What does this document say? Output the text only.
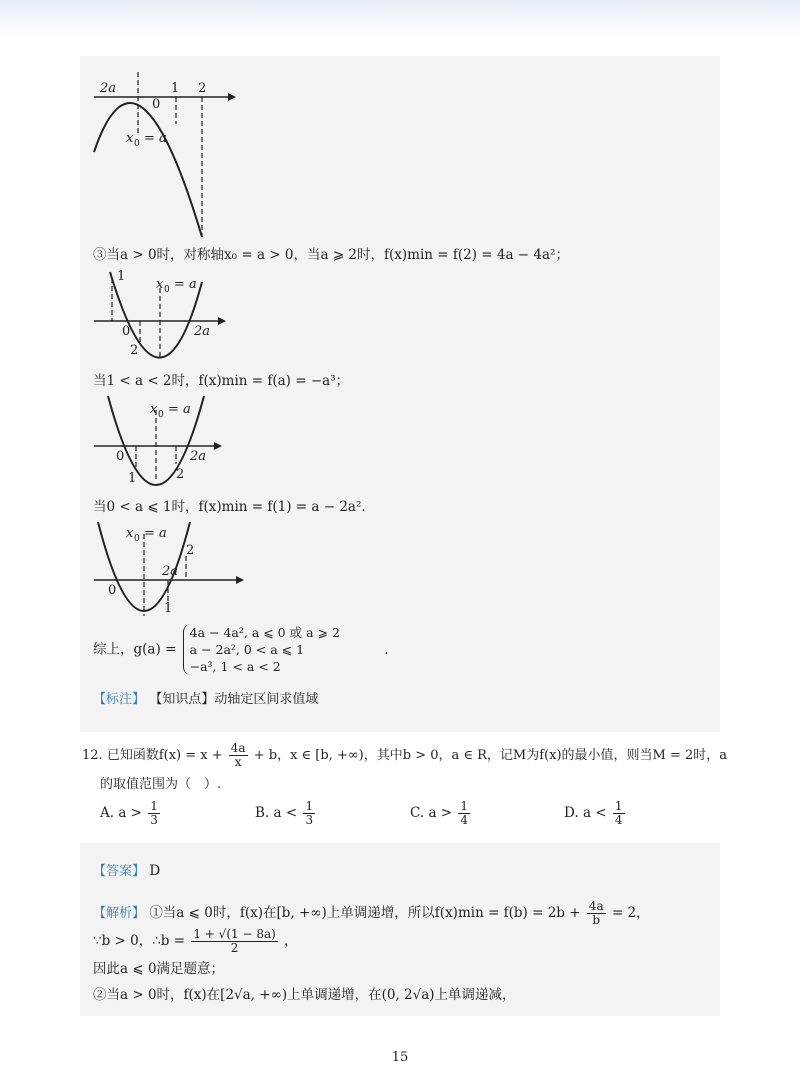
2a
0
1 2
x 0 = a
③当a > 0时，对称轴x₀ = a > 0，当a ⩾ 2时，f(x)min = f(2) = 4a − 4a²；
1
x 0 = a
0	2a
2
当1 < a < 2时，f(x)min = f(a) = −a³；
x 0 = a
0	2a
1	2
当0 < a ⩽ 1时，f(x)min = f(1) = a − 2a².
x 0 = a
2
2a
0
1
综上，g(a) =
4a − 4a², a ⩽ 0 或 a ⩾ 2
a − 2a², 0 < a ⩽ 1
−a³, 1 < a < 2
.
【标注】 【知识点】动轴定区间求值域
12. 已知函数$f(x) = x + \frac{4a}{x} + b$，x ∈ [b, +∞)，其中b > 0，a ∈ R，记M为f(x)的最小值，则当M = 2时，a
的取值范围为（　）.
A. $a > \frac{1}{3}$	B. $a < \frac{1}{3}$	C. $a > \frac{1}{4}$	D. $a < \frac{1}{4}$
【答案】 D
【解析】 ①当a ⩽ 0时，f(x)在[b, +∞)上单调递增，所以$f(x)\min = f(b) = 2b + \frac{4a}{b} = 2$，
∵b > 0，∴b = $\frac{1 + √(1 - 8a)}{2}$ ，
因此a ⩽ 0满足题意；
②当a > 0时，f(x)在[2√a, +∞)上单调递增，在(0, 2√a)上单调递减，
15
